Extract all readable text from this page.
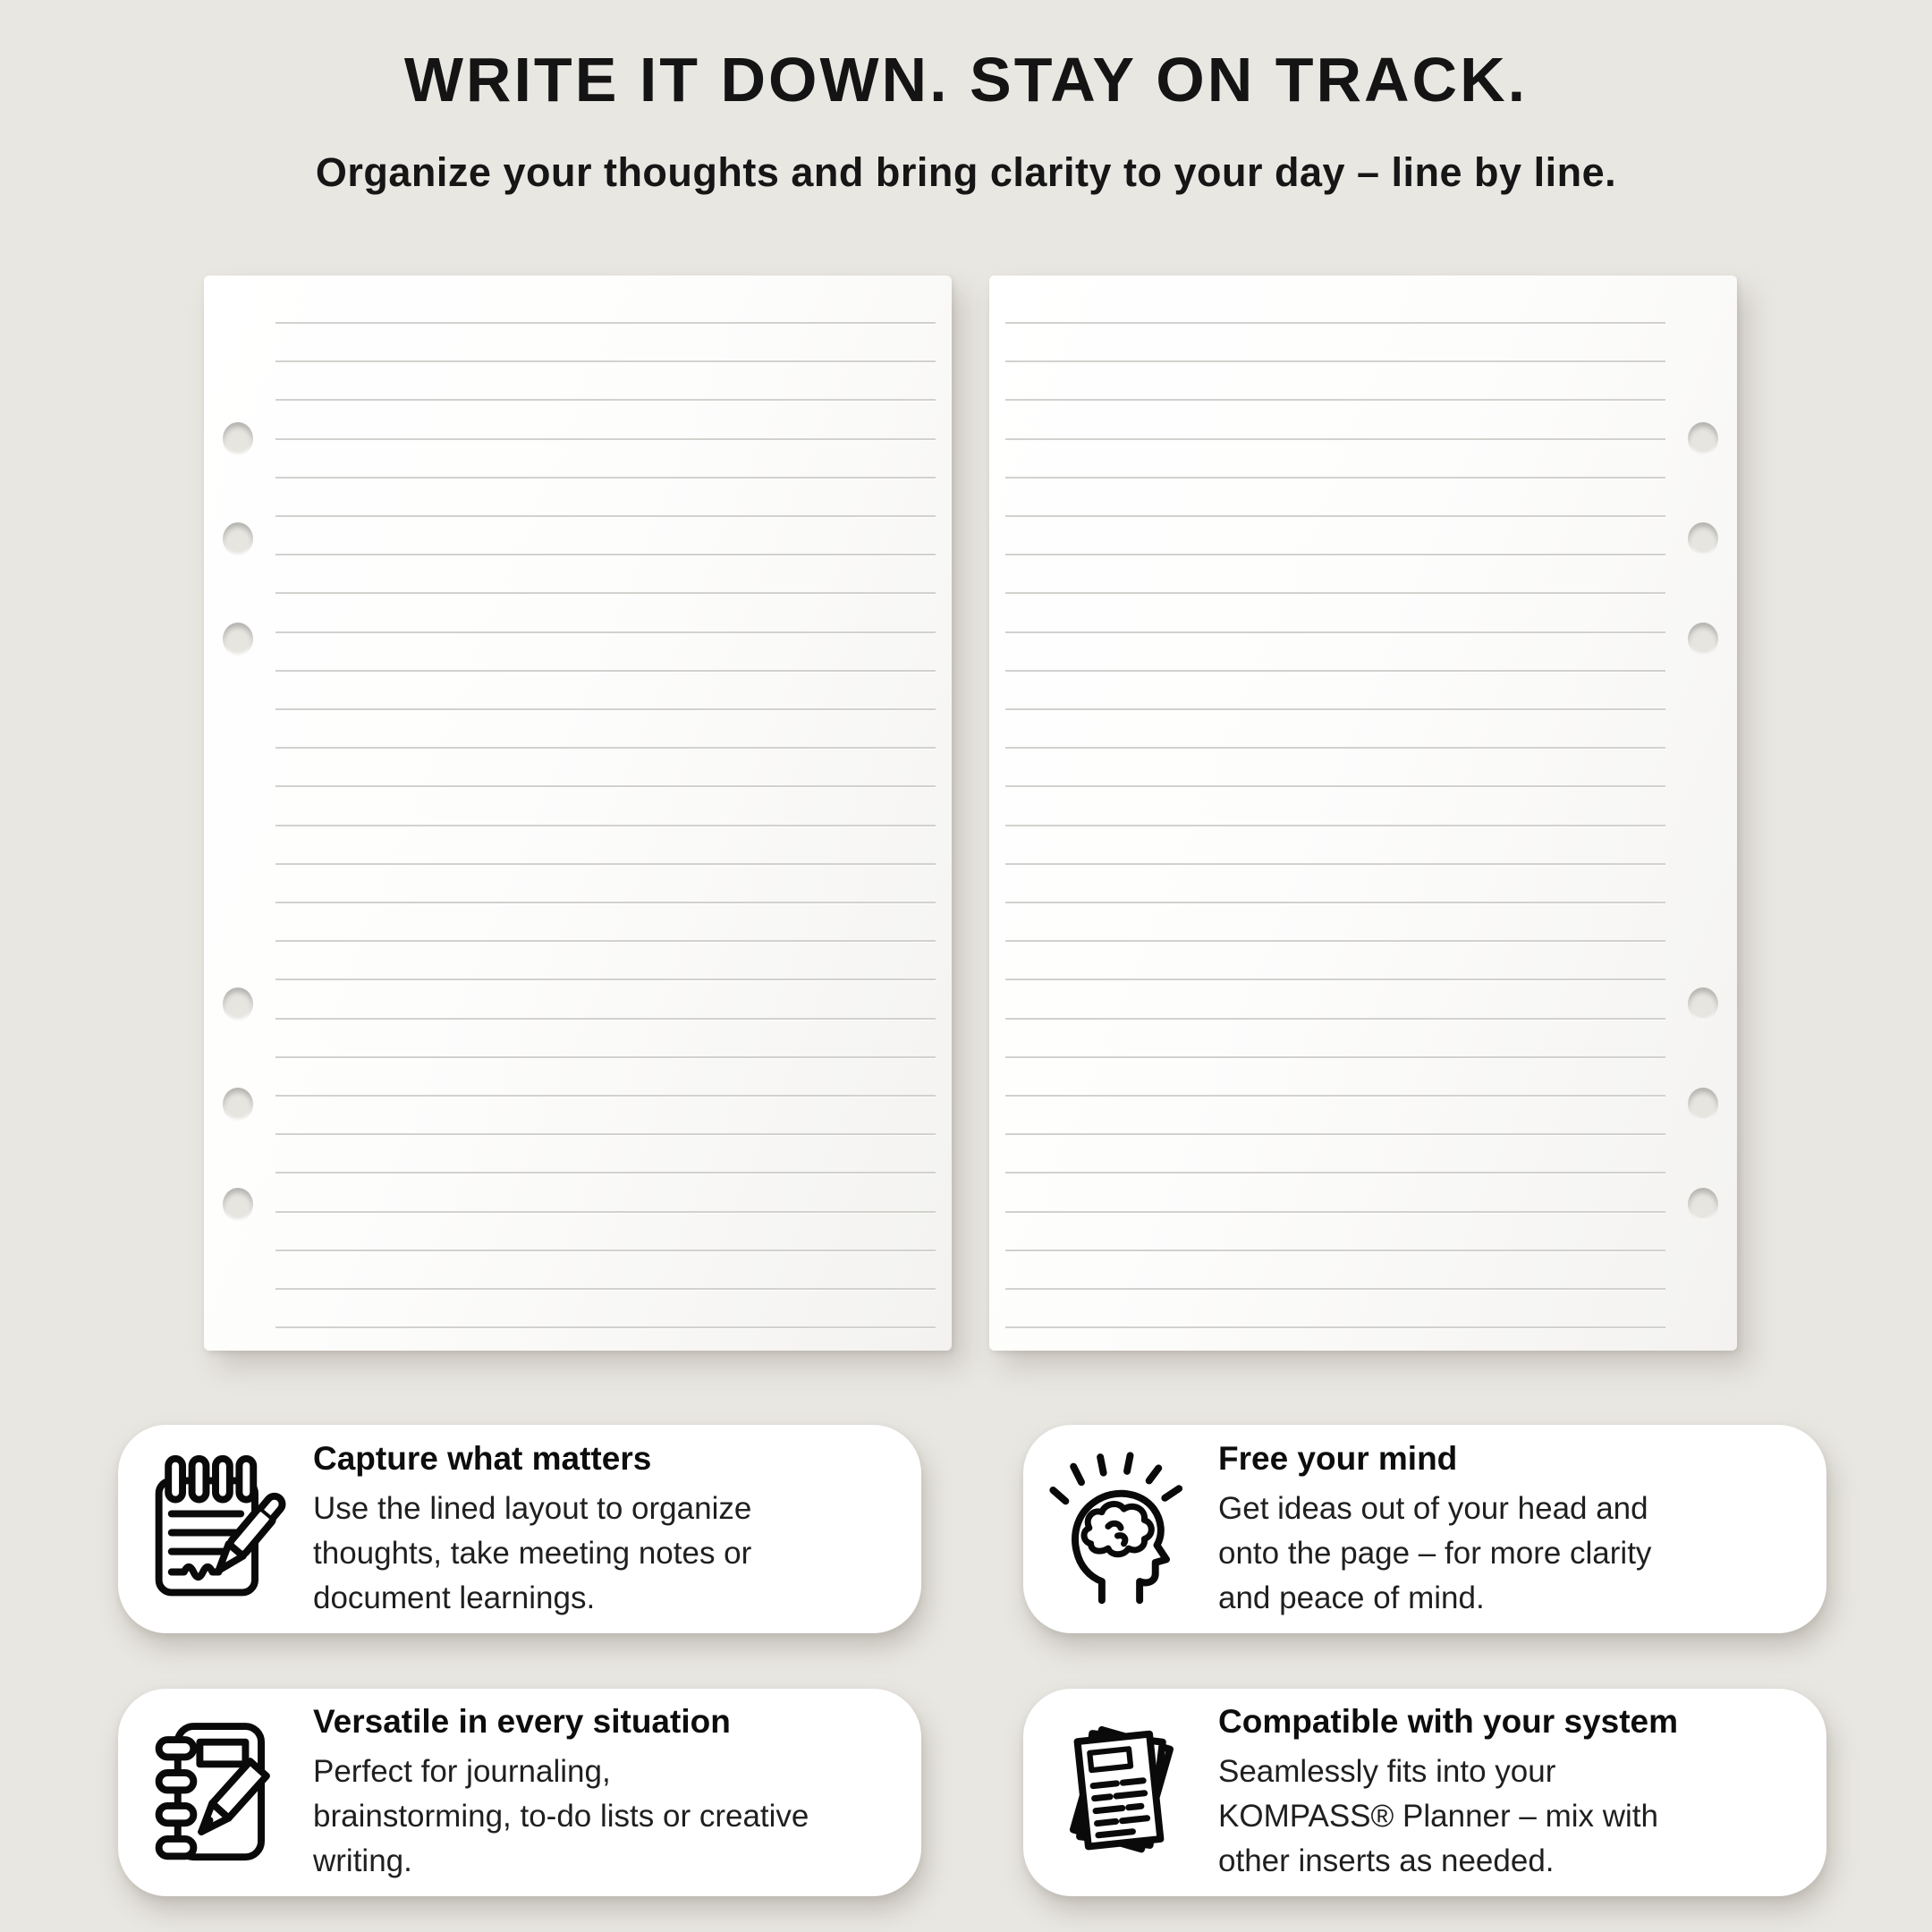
WRITE IT DOWN. STAY ON TRACK.
Organize your thoughts and bring clarity to your day – line by line.
Capture what matters
Use the lined layout to organize
thoughts, take meeting notes or
document learnings.
Free your mind
Get ideas out of your head and
onto the page – for more clarity
and peace of mind.
Versatile in every situation
Perfect for journaling,
brainstorming, to-do lists or creative
writing.
Compatible with your system
Seamlessly fits into your
KOMPASS® Planner – mix with
other inserts as needed.
